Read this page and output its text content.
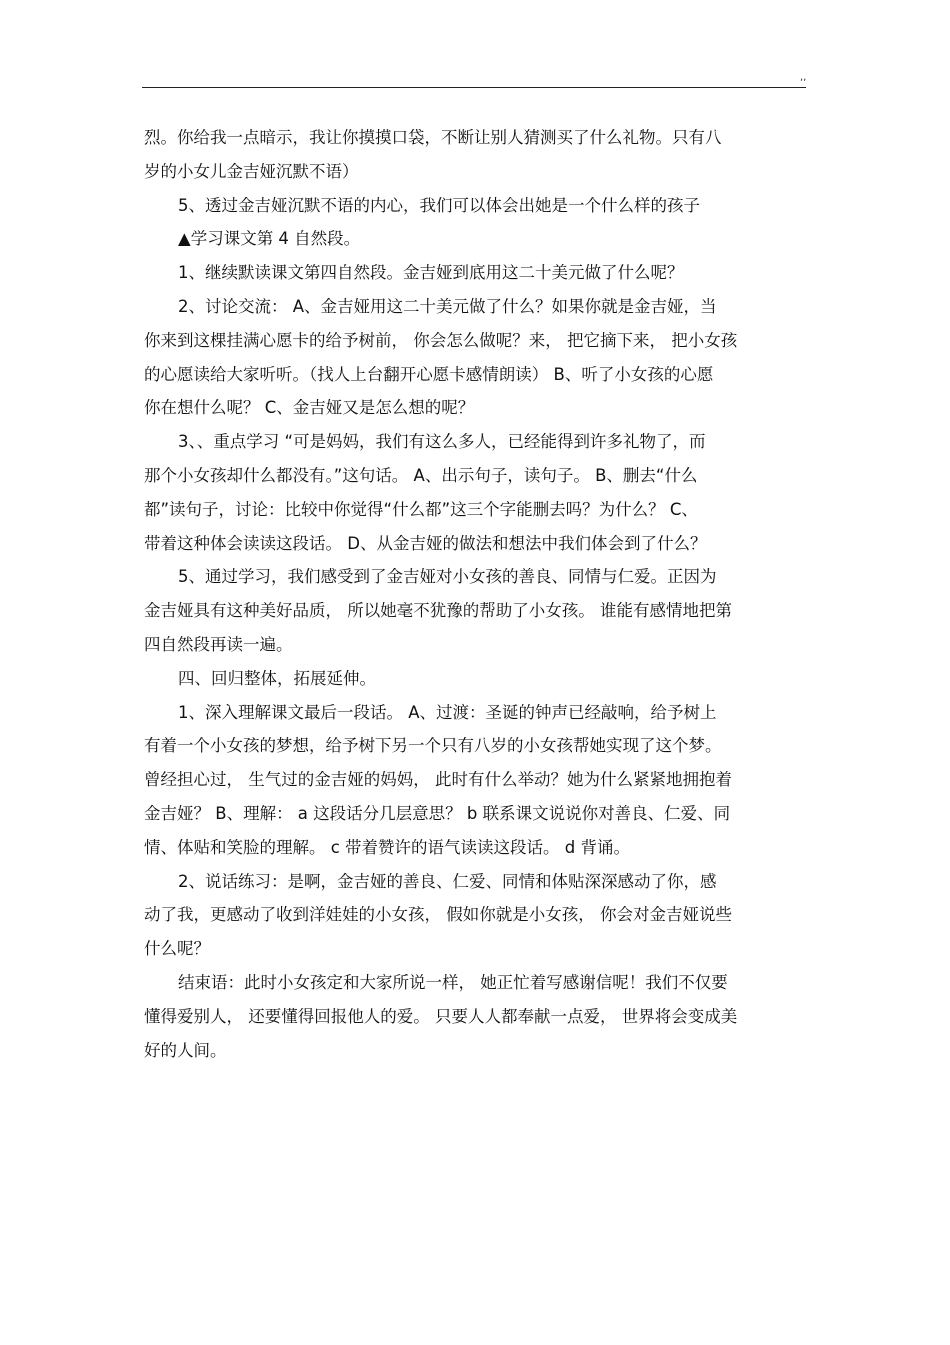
,,
烈。你给我一点暗示，我让你摸摸口袋，不断让别人猜测买了什么礼物。只有八
岁的小女儿金吉娅沉默不语）
5、透过金吉娅沉默不语的内心，我们可以体会出她是一个什么样的孩子
▲学习课文第 4 自然段。
1、继续默读课文第四自然段。金吉娅到底用这二十美元做了什么呢？
2、讨论交流： A、金吉娅用这二十美元做了什么？如果你就是金吉娅，当
你来到这棵挂满心愿卡的给予树前， 你会怎么做呢？来， 把它摘下来， 把小女孩
的心愿读给大家听听。（找人上台翻开心愿卡感情朗读） B、听了小女孩的心愿
你在想什么呢？ C、金吉娅又是怎么想的呢？
3、、重点学习 “可是妈妈，我们有这么多人，已经能得到许多礼物了，而
那个小女孩却什么都没有。”这句话。 A、出示句子，读句子。 B、删去“什么
都”读句子，讨论：比较中你觉得“什么都”这三个字能删去吗？为什么？ C、
带着这种体会读读这段话。 D、从金吉娅的做法和想法中我们体会到了什么？
5、通过学习，我们感受到了金吉娅对小女孩的善良、同情与仁爱。正因为
金吉娅具有这种美好品质， 所以她毫不犹豫的帮助了小女孩。 谁能有感情地把第
四自然段再读一遍。
四、回归整体，拓展延伸。
1、深入理解课文最后一段话。 A、过渡：圣诞的钟声已经敲响，给予树上
有着一个小女孩的梦想，给予树下另一个只有八岁的小女孩帮她实现了这个梦。
曾经担心过， 生气过的金吉娅的妈妈， 此时有什么举动？她为什么紧紧地拥抱着
金吉娅？ B、理解： a 这段话分几层意思？ b 联系课文说说你对善良、仁爱、同
情、体贴和笑脸的理解。 c 带着赞许的语气读读这段话。 d 背诵。
2、说话练习：是啊，金吉娅的善良、仁爱、同情和体贴深深感动了你，感
动了我，更感动了收到洋娃娃的小女孩， 假如你就是小女孩， 你会对金吉娅说些
什么呢？
结束语：此时小女孩定和大家所说一样， 她正忙着写感谢信呢！我们不仅要
懂得爱别人， 还要懂得回报他人的爱。 只要人人都奉献一点爱， 世界将会变成美
好的人间。
